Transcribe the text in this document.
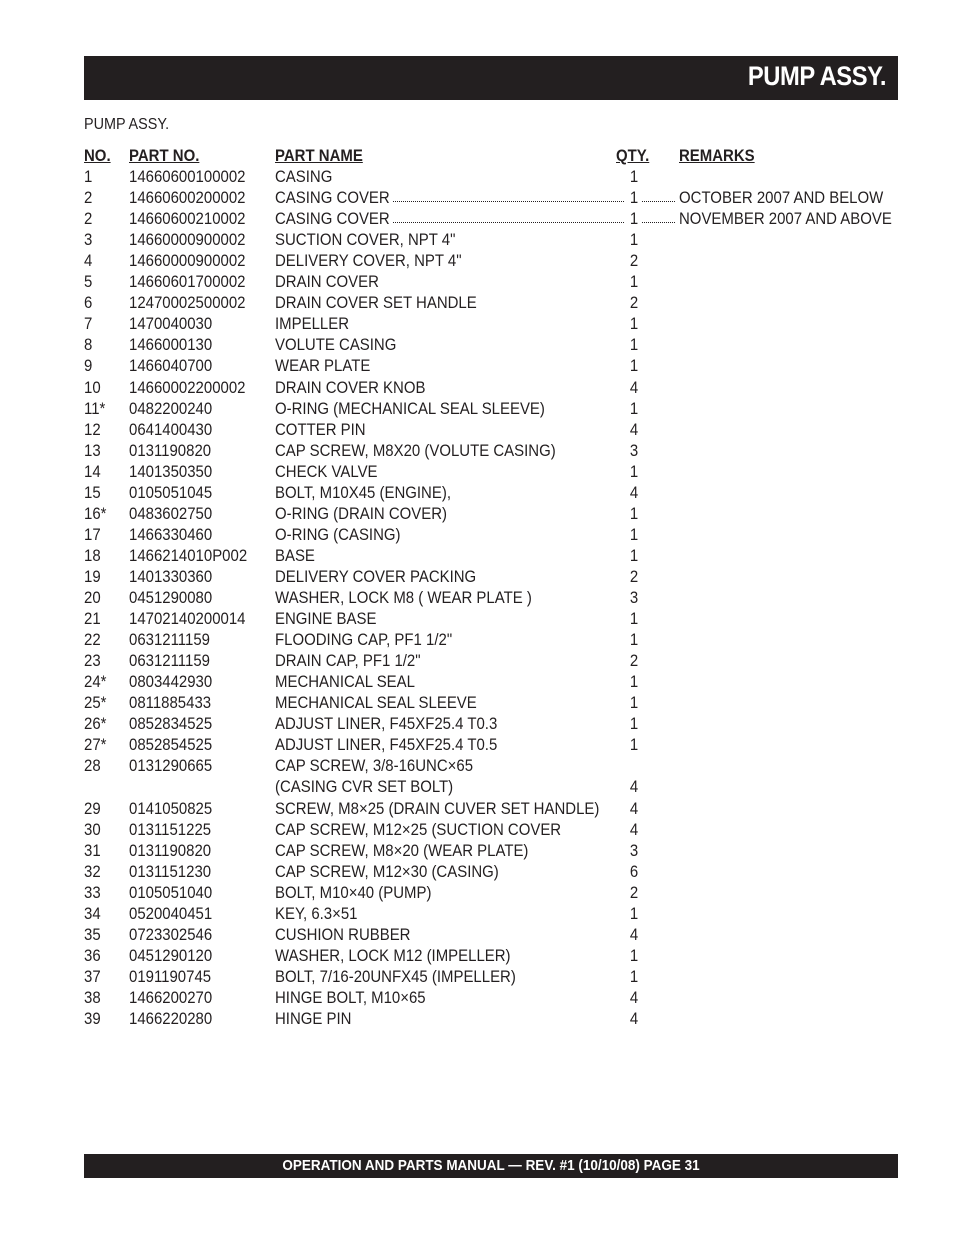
PUMP ASSY.
PUMP ASSY.
NO. PART NO.	PART NAME	QTY. REMARKS
1 14660600100002 CASING	1
2 14660600200002 CASING COVER	1 OCTOBER 2007 AND BELOW
2 14660600210002 CASING COVER	1 NOVEMBER 2007 AND ABOVE
3 14660000900002 SUCTION COVER, NPT 4"	1
4 14660000900002 DELIVERY COVER, NPT 4"	2
5 14660601700002 DRAIN COVER	1
6 12470002500002 DRAIN COVER SET HANDLE	2
7 1470040030	IMPELLER	1
8 1466000130	VOLUTE CASING	1
9 1466040700	WEAR PLATE	1
10 14660002200002 DRAIN COVER KNOB	4
11* 0482200240	O-RING (MECHANICAL SEAL SLEEVE)	1
12 0641400430	COTTER PIN	4
13 0131190820	CAP SCREW, M8X20 (VOLUTE CASING)	3
14 1401350350	CHECK VALVE	1
15 0105051045	BOLT, M10X45 (ENGINE),	4
16* 0483602750	O-RING (DRAIN COVER)	1
17 1466330460	O-RING (CASING)	1
18 1466214010P002 BASE	1
19 1401330360	DELIVERY COVER PACKING	2
20 0451290080	WASHER, LOCK M8 ( WEAR PLATE )	3
21 14702140200014 ENGINE BASE	1
22 0631211159	FLOODING CAP, PF1 1/2"	1
23 0631211159	DRAIN CAP, PF1 1/2"	2
24* 0803442930	MECHANICAL SEAL	1
25* 0811885433	MECHANICAL SEAL SLEEVE	1
26* 0852834525	ADJUST LINER, F45XF25.4 T0.3	1
27* 0852854525	ADJUST LINER, F45XF25.4 T0.5	1
28 0131290665	CAP SCREW, 3/8-16UNC×65
(CASING CVR SET BOLT)	4
29 0141050825	SCREW, M8×25 (DRAIN CUVER SET HANDLE) 4
30 0131151225	CAP SCREW, M12×25 (SUCTION COVER	4
31 0131190820	CAP SCREW, M8×20 (WEAR PLATE)	3
32 0131151230	CAP SCREW, M12×30 (CASING)	6
33 0105051040	BOLT, M10×40 (PUMP)	2
34 0520040451	KEY, 6.3×51	1
35 0723302546	CUSHION RUBBER	4
36 0451290120	WASHER, LOCK M12 (IMPELLER)	1
37 0191190745	BOLT, 7/16-20UNFX45 (IMPELLER)	1
38 1466200270	HINGE BOLT, M10×65	4
39 1466220280	HINGE PIN	4
OPERATION AND PARTS MANUAL — REV. #1 (10/10/08) PAGE 31
